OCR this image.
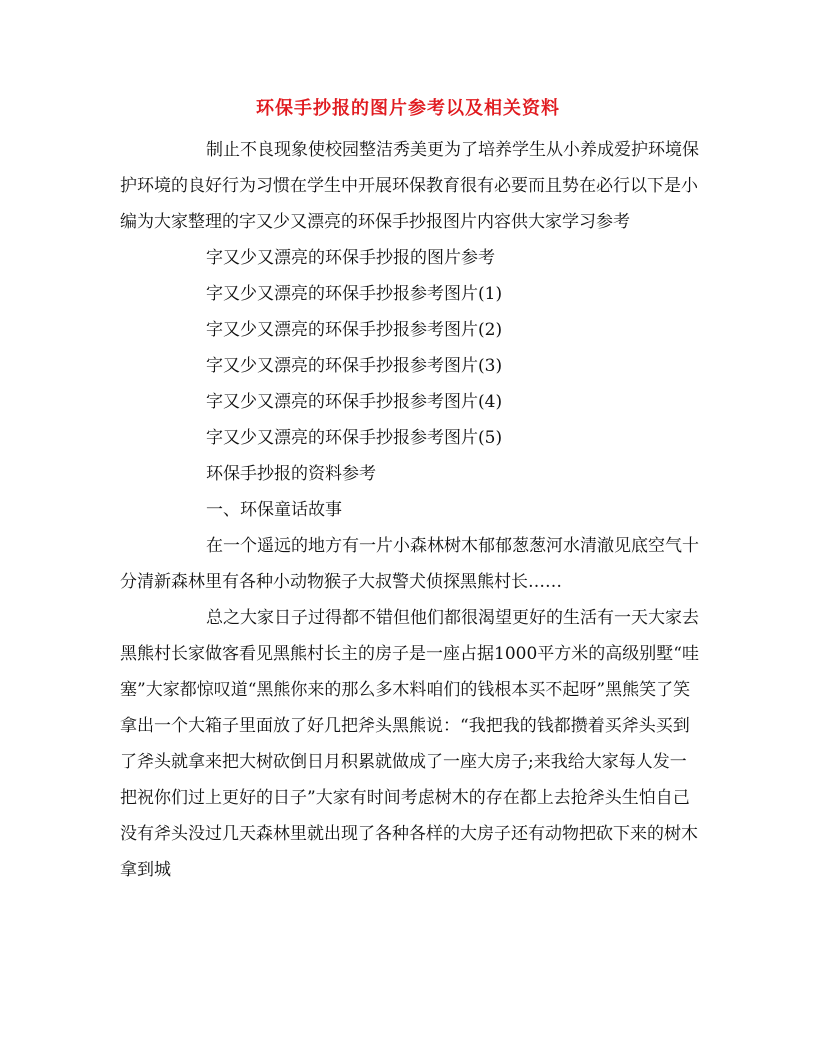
环保手抄报的图片参考以及相关资料

制止不良现象使校园整洁秀美更为了培养学生从小养成爱护环境保护环境的良好行为习惯在学生中开展环保教育很有必要而且势在必行以下是小编为大家整理的字又少又漂亮的环保手抄报图片内容供大家学习参考

字又少又漂亮的环保手抄报的图片参考

字又少又漂亮的环保手抄报参考图片(1)

字又少又漂亮的环保手抄报参考图片(2)

字又少又漂亮的环保手抄报参考图片(3)

字又少又漂亮的环保手抄报参考图片(4)

字又少又漂亮的环保手抄报参考图片(5)

环保手抄报的资料参考

一、环保童话故事

在一个遥远的地方有一片小森林树木郁郁葱葱河水清澈见底空气十分清新森林里有各种小动物猴子大叔警犬侦探黑熊村长……

总之大家日子过得都不错但他们都很渴望更好的生活有一天大家去黑熊村长家做客看见黑熊村长主的房子是一座占据1000平方米的高级别墅“哇塞”大家都惊叹道“黑熊你来的那么多木料咱们的钱根本买不起呀”黑熊笑了笑拿出一个大箱子里面放了好几把斧头黑熊说：“我把我的钱都攒着买斧头买到了斧头就拿来把大树砍倒日月积累就做成了一座大房子;来我给大家每人发一把祝你们过上更好的日子”大家有时间考虑树木的存在都上去抢斧头生怕自己没有斧头没过几天森林里就出现了各种各样的大房子还有动物把砍下来的树木拿到城
